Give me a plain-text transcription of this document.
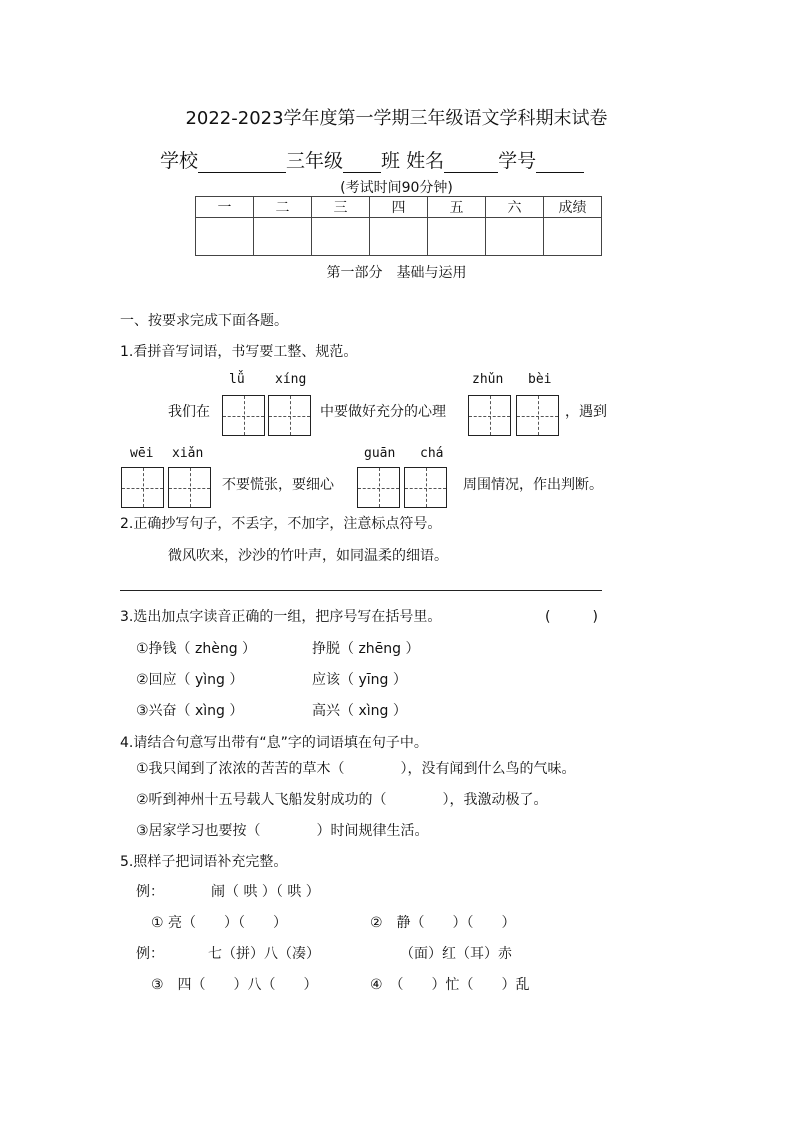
2022-2023学年度第一学期三年级语文学科期末试卷
学校	三年级 班 姓名	学号
(考试时间90分钟)
一	二	三	四	五	六	成绩

第一部分　基础与运用
一、按要求完成下面各题。
1.看拼音写词语，书写要工整、规范。
lǚ xíng	zhǔn bèi
我们在	中要做好充分的心理	，遇到
wēi xiǎn	guān chá
不要慌张，要细心	周围情况，作出判断。
2.正确抄写句子，不丢字，不加字，注意标点符号。
微风吹来，沙沙的竹叶声，如同温柔的细语。
3.选出加点字读音正确的一组，把序号写在括号里。	(　　　)
①挣钱（ zhèng ）	挣脱（ zhēng ）
②回应（ yìng ）	应该（ yīng ）
③兴奋（ xìng ）	高兴（ xìng ）
4.请结合句意写出带有“息”字的词语填在句子中。
①我只闻到了浓浓的苦苦的草木（　　　　），没有闻到什么鸟的气味。
②听到神州十五号载人飞船发射成功的（　　　　），我激动极了。
③居家学习也要按（　　　　）时间规律生活。
5.照样子把词语补充完整。
例：	闹（ 哄 ）（ 哄 ）
① 亮（　　）（　　）	②　静（　　）（　　）
例：	七（拼）八（凑）	（面）红（耳）赤
③　四（　　）八（　　）	④　（　　）忙（　　）乱
